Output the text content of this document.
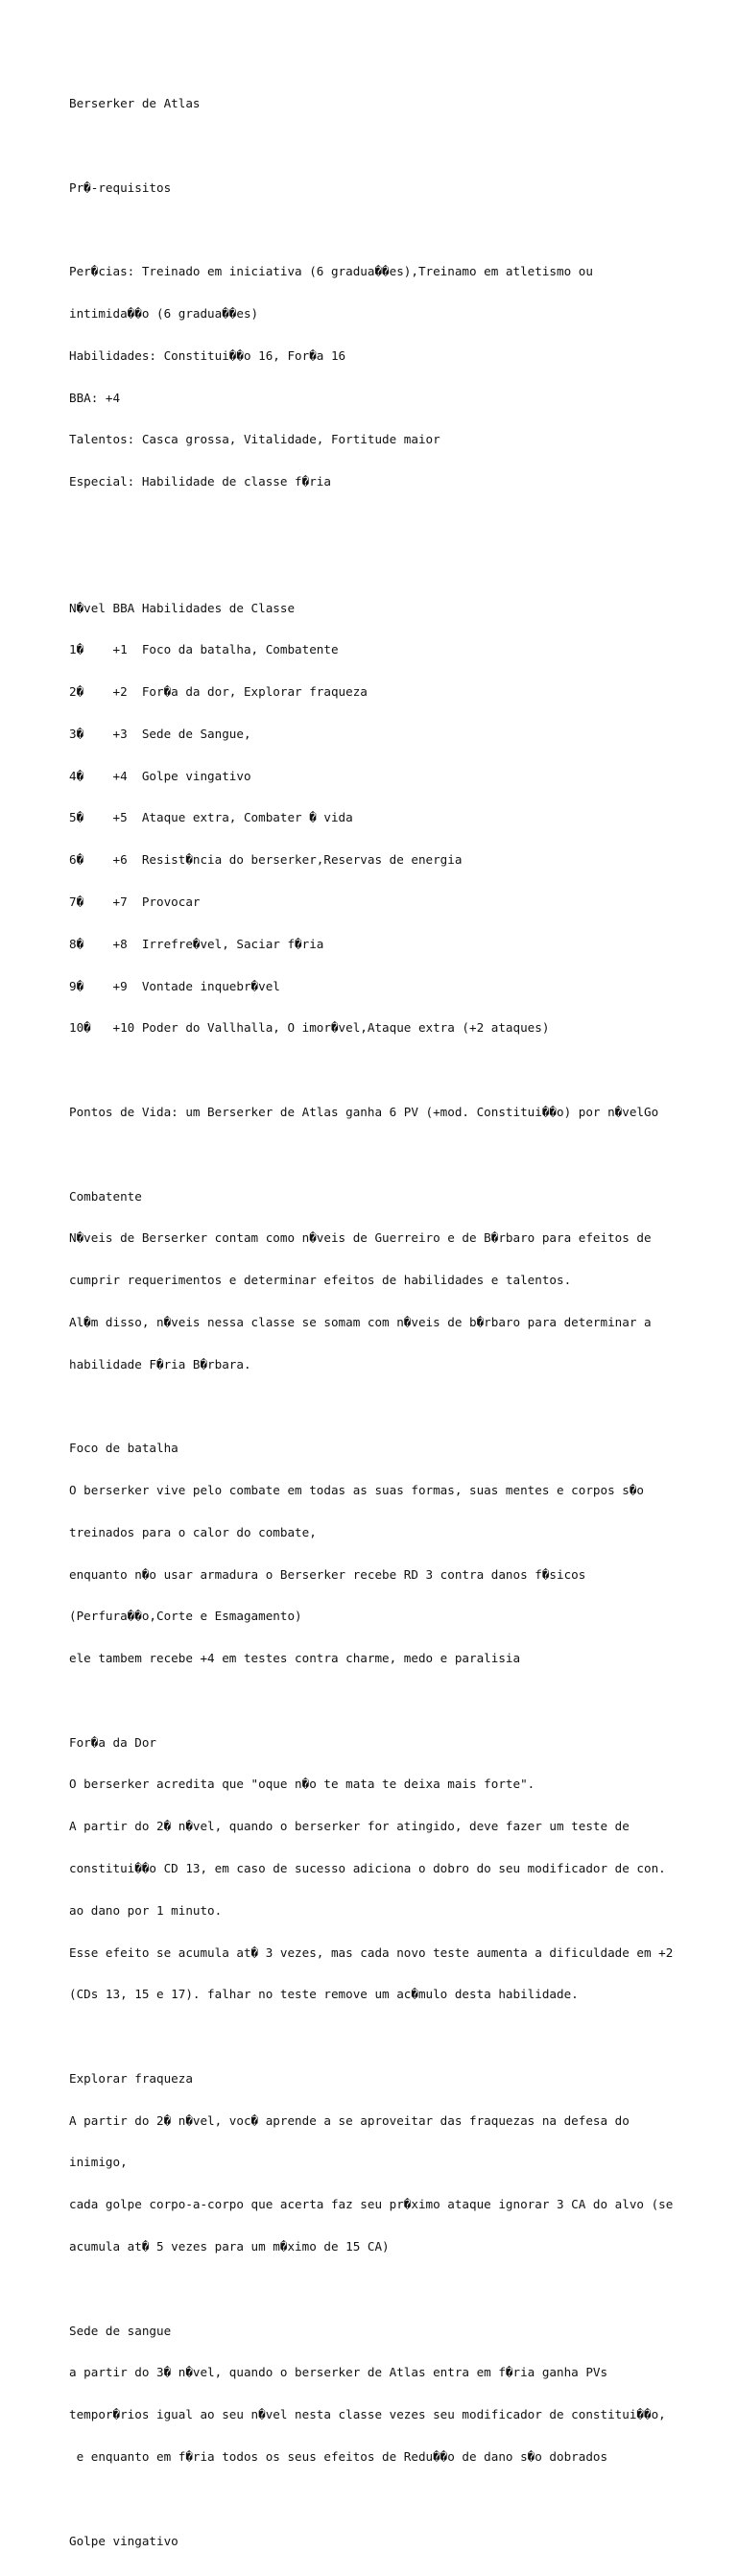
Berserker de Atlas

Pr�-requisitos

Per�cias: Treinado em iniciativa (6 gradua��es),Treinamo em atletismo ou

intimida��o (6 gradua��es)

Habilidades: Constitui��o 16, For�a 16

BBA: +4

Talentos: Casca grossa, Vitalidade, Fortitude maior

Especial: Habilidade de classe f�ria

N�vel BBA Habilidades de Classe

1�    +1  Foco da batalha, Combatente

2�    +2  For�a da dor, Explorar fraqueza

3�    +3  Sede de Sangue,

4�    +4  Golpe vingativo

5�    +5  Ataque extra, Combater � vida

6�    +6  Resist�ncia do berserker,Reservas de energia

7�    +7  Provocar

8�    +8  Irrefre�vel, Saciar f�ria

9�    +9  Vontade inquebr�vel

10�   +10 Poder do Vallhalla, O imor�vel,Ataque extra (+2 ataques)

Pontos de Vida: um Berserker de Atlas ganha 6 PV (+mod. Constitui��o) por n�velGo

Combatente

N�veis de Berserker contam como n�veis de Guerreiro e de B�rbaro para efeitos de

cumprir requerimentos e determinar efeitos de habilidades e talentos.

Al�m disso, n�veis nessa classe se somam com n�veis de b�rbaro para determinar a

habilidade F�ria B�rbara.

Foco de batalha

O berserker vive pelo combate em todas as suas formas, suas mentes e corpos s�o

treinados para o calor do combate,

enquanto n�o usar armadura o Berserker recebe RD 3 contra danos f�sicos

(Perfura��o,Corte e Esmagamento)

ele tambem recebe +4 em testes contra charme, medo e paralisia

For�a da Dor

O berserker acredita que "oque n�o te mata te deixa mais forte".

A partir do 2� n�vel, quando o berserker for atingido, deve fazer um teste de

constitui��o CD 13, em caso de sucesso adiciona o dobro do seu modificador de con.

ao dano por 1 minuto.

Esse efeito se acumula at� 3 vezes, mas cada novo teste aumenta a dificuldade em +2

(CDs 13, 15 e 17). falhar no teste remove um ac�mulo desta habilidade.

Explorar fraqueza

A partir do 2� n�vel, voc� aprende a se aproveitar das fraquezas na defesa do

inimigo,

cada golpe corpo-a-corpo que acerta faz seu pr�ximo ataque ignorar 3 CA do alvo (se

acumula at� 5 vezes para um m�ximo de 15 CA)

Sede de sangue

a partir do 3� n�vel, quando o berserker de Atlas entra em f�ria ganha PVs

tempor�rios igual ao seu n�vel nesta classe vezes seu modificador de constitui��o,

e enquanto em f�ria todos os seus efeitos de Redu��o de dano s�o dobrados

Golpe vingativo
